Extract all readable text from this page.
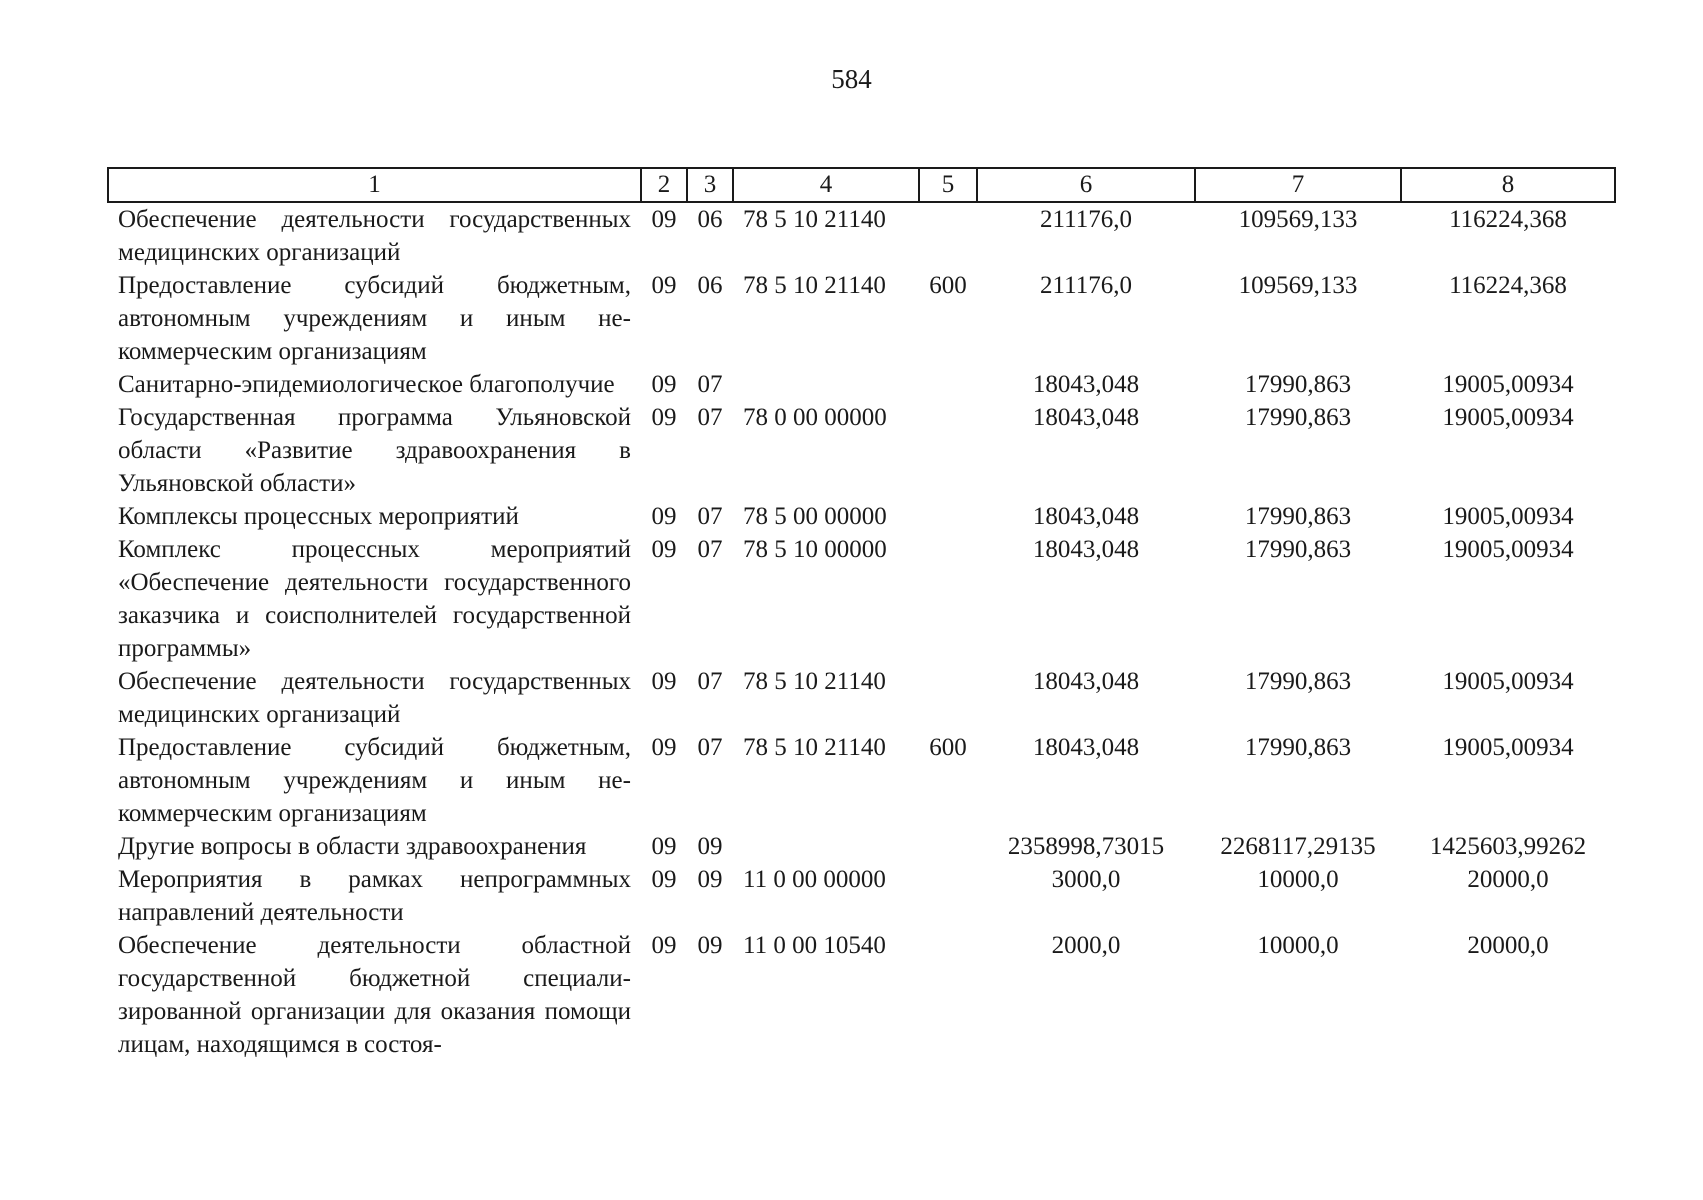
584
1	2	3	4	5	6	7	8
Обеспечение деятельности государственных медицинских организаций	09	06	78 5 10 21140		211176,0	109569,133	116224,368
Предоставление субсидий бюджетным, автономным учреждениям и иным некоммерческим организациям	09	06	78 5 10 21140	600	211176,0	109569,133	116224,368
Санитарно-эпидемиологическое благополучие	09	07			18043,048	17990,863	19005,00934
Государственная программа Ульяновской области «Развитие здравоохранения в Ульяновской области»	09	07	78 0 00 00000		18043,048	17990,863	19005,00934
Комплексы процессных мероприятий	09	07	78 5 00 00000		18043,048	17990,863	19005,00934
Комплекс процессных мероприятий «Обеспечение деятельности государственного заказчика и соисполнителей государственной программы»	09	07	78 5 10 00000		18043,048	17990,863	19005,00934
Обеспечение деятельности государственных медицинских организаций	09	07	78 5 10 21140		18043,048	17990,863	19005,00934
Предоставление субсидий бюджетным, автономным учреждениям и иным некоммерческим организациям	09	07	78 5 10 21140	600	18043,048	17990,863	19005,00934
Другие вопросы в области здравоохранения	09	09			2358998,73015	2268117,29135	1425603,99262
Мероприятия в рамках непрограммных направлений деятельности	09	09	11 0 00 00000		3000,0	10000,0	20000,0
Обеспечение деятельности областной государственной бюджетной специализированной организации для оказания помощи лицам, находящимся в состоя-	09	09	11 0 00 10540		2000,0	10000,0	20000,0
